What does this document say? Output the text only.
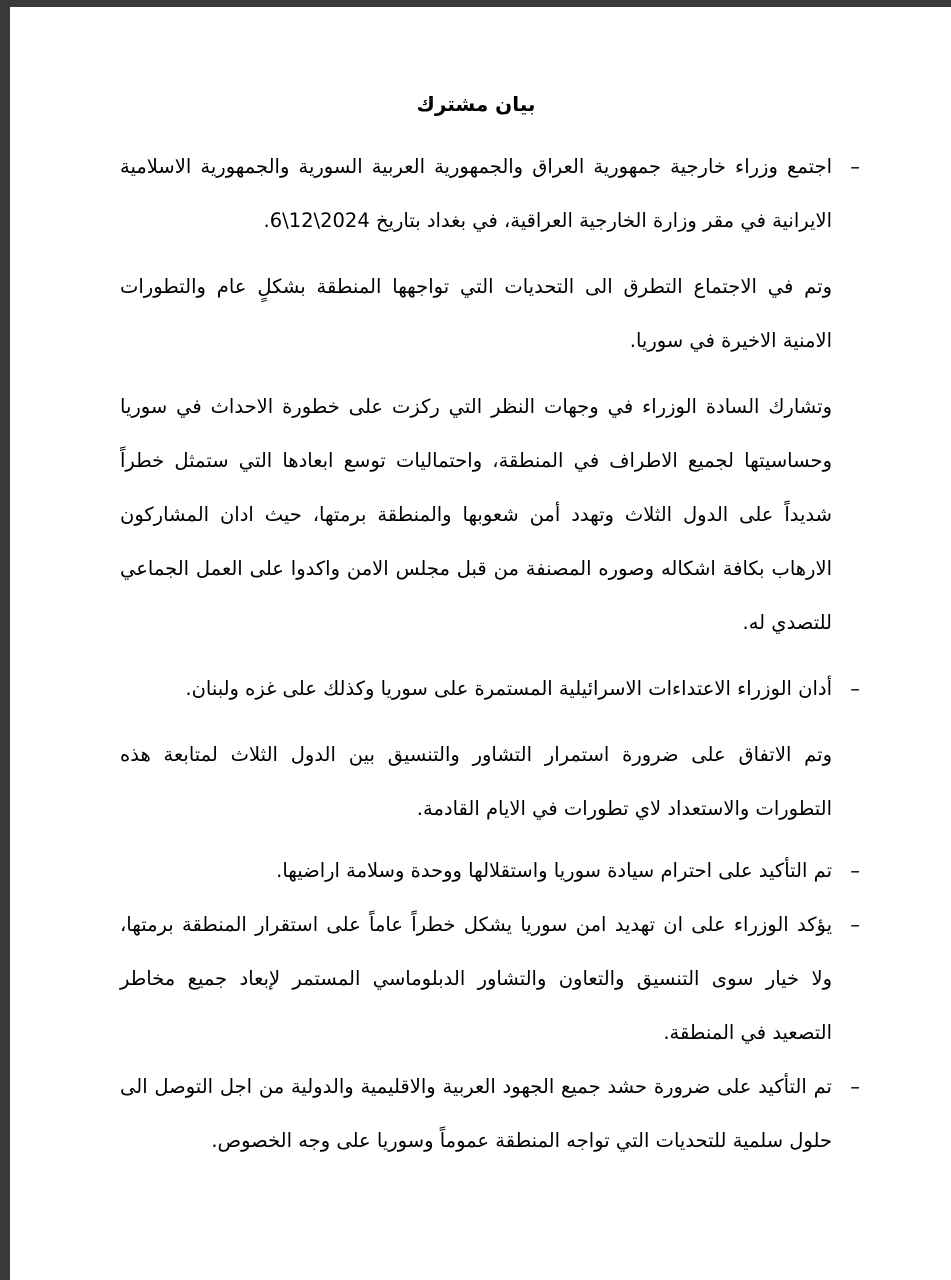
بيان مشترك
–
اجتمع وزراء خارجية جمهورية العراق والجمهورية العربية السورية والجمهورية الاسلامية الايرانية في مقر وزارة الخارجية العراقية، في بغداد بتاريخ 2024\12\6.
وتم في الاجتماع التطرق الى التحديات التي تواجهها المنطقة بشكلٍ عام والتطورات الامنية الاخيرة في سوريا.
وتشارك السادة الوزراء في وجهات النظر التي ركزت على خطورة الاحداث في سوريا وحساسيتها لجميع الاطراف في المنطقة، واحتماليات توسع ابعادها التي ستمثل خطراً شديداً على الدول الثلاث وتهدد أمن شعوبها والمنطقة برمتها، حيث ادان المشاركون الارهاب بكافة اشكاله وصوره المصنفة من قبل مجلس الامن واكدوا على العمل الجماعي للتصدي له.
–
أدان الوزراء الاعتداءات الاسرائيلية المستمرة على سوريا وكذلك على غزه ولبنان.
وتم الاتفاق على ضرورة استمرار التشاور والتنسيق بين الدول الثلاث لمتابعة هذه التطورات والاستعداد لاي تطورات في الايام القادمة.
–
تم التأكيد على احترام سيادة سوريا واستقلالها ووحدة وسلامة اراضيها.
–
يؤكد الوزراء على ان تهديد امن سوريا يشكل خطراً عاماً على استقرار المنطقة برمتها، ولا خيار سوى التنسيق والتعاون والتشاور الدبلوماسي المستمر لإبعاد جميع مخاطر التصعيد في المنطقة.
–
تم التأكيد على ضرورة حشد جميع الجهود العربية والاقليمية والدولية من اجل التوصل الى حلول سلمية للتحديات التي تواجه المنطقة عموماً وسوريا على وجه الخصوص.
